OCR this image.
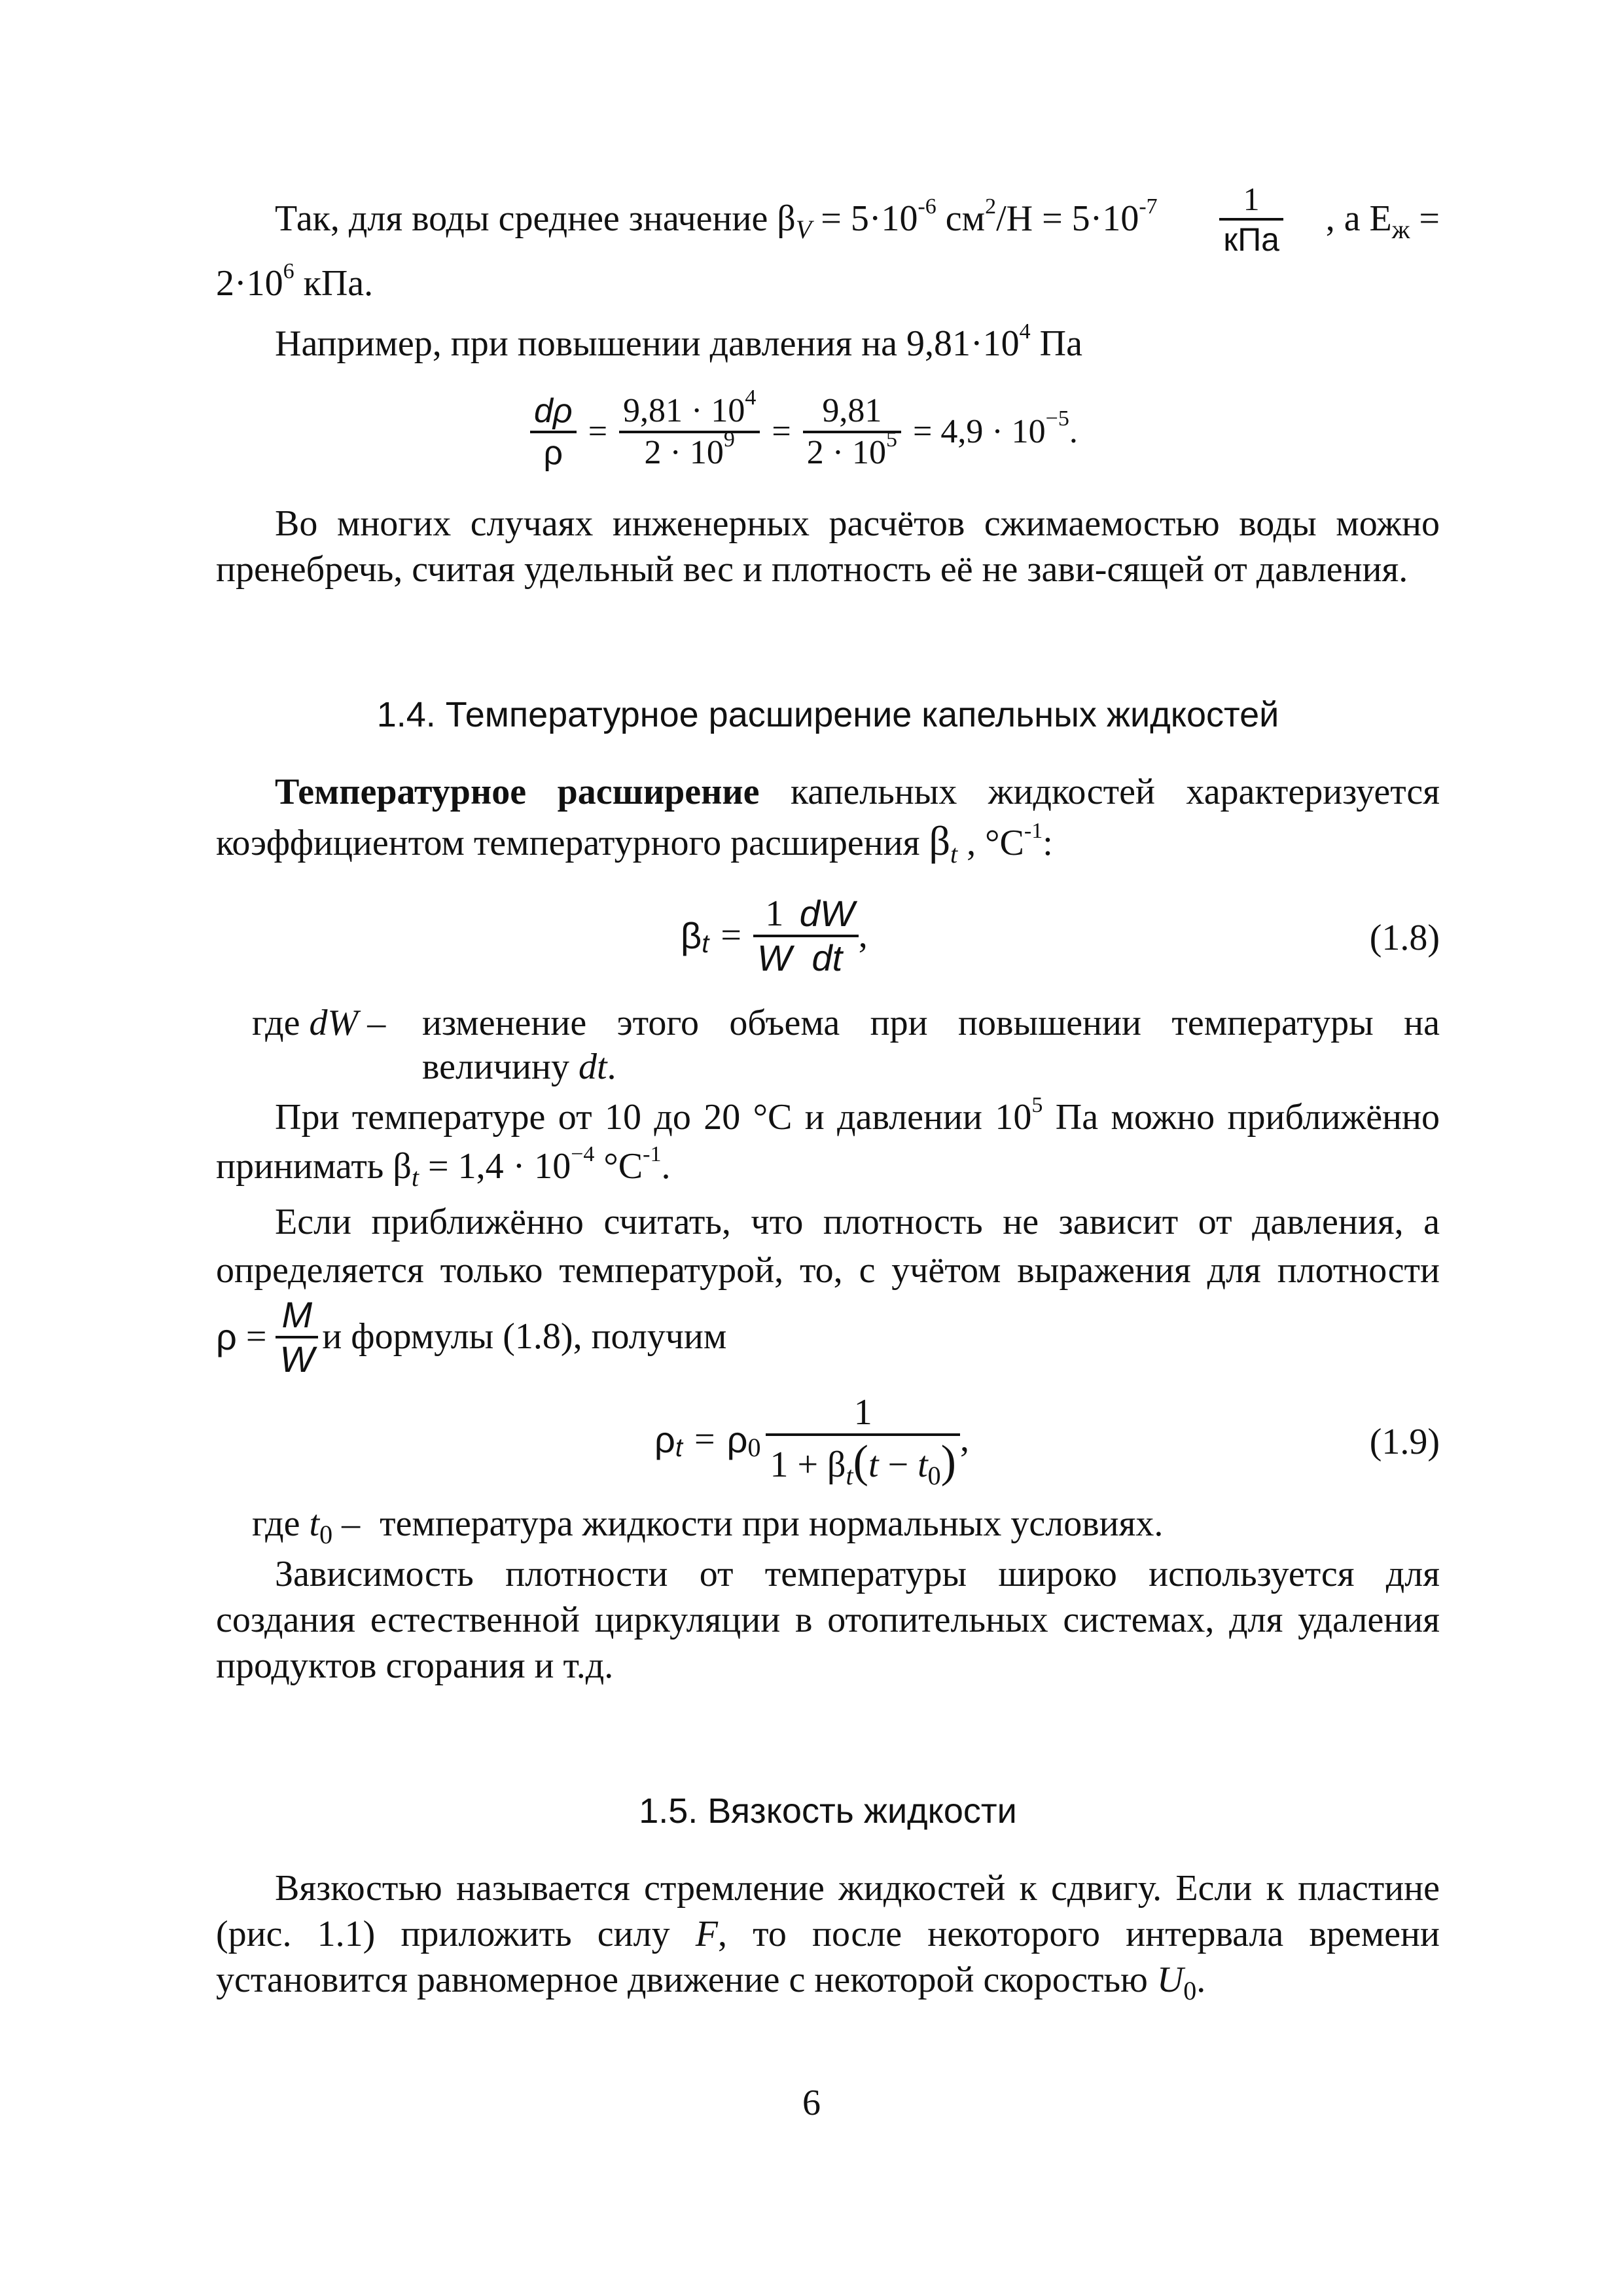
Так, для воды среднее значение $\beta_V = 5\cdot 10^{-6}$ $см^2/Н = 5\cdot 10^{-7} \frac{1}{\text{кПа}}$ , а $E_ж$ =
$2\cdot 10^6$ кПа.
Например, при повышении давления на $9,81\cdot 10^4$ Па
$\frac{d\rho}{\rho} = \frac{9,81 \cdot 10^4}{2 \cdot 10^9} = \frac{9,81}{2 \cdot 10^5} = 4,9 \cdot 10^{-5}$.
Во многих случаях инженерных расчётов сжимаемостью воды можно пренебречь, считая удельный вес и плотность её не зави-сящей от давления.
1.4. Температурное расширение капельных жидкостей
Температурное расширение капельных жидкостей характеризуется
коэффициентом температурного расширения $\beta_t$ , $^\circ C^{-1}$:
$\beta_t = \frac{1}{W} \frac{dW}{dt}$ ,	(1.8)
где dW – изменение этого объема при повышении температуры на
величину dt.
При температуре от 10 до 20 °C и давлении $10^5$ Па можно приближённо
принимать $\beta_t = 1,4 \cdot 10^{-4}$ $^\circ C^{-1}$.
Если приближённо считать, что плотность не зависит от давления, а
определяется только температурой, то, с учётом выражения для плотности
$\rho = \frac{M}{W}$ и формулы (1.8), получим
$\rho_t = \rho_0 \frac{1}{1 + \beta_t(t - t_0)}$ ,	(1.9)
где $t_0$ – температура жидкости при нормальных условиях.
Зависимость плотности от температуры широко используется для создания естественной циркуляции в отопительных системах, для удаления продуктов сгорания и т.д.
1.5. Вязкость жидкости
Вязкостью называется стремление жидкостей к сдвигу. Если к пластине (рис. 1.1) приложить силу F, то после некоторого интервала времени установится равномерное движение с некоторой скоростью $U_0$.
6
